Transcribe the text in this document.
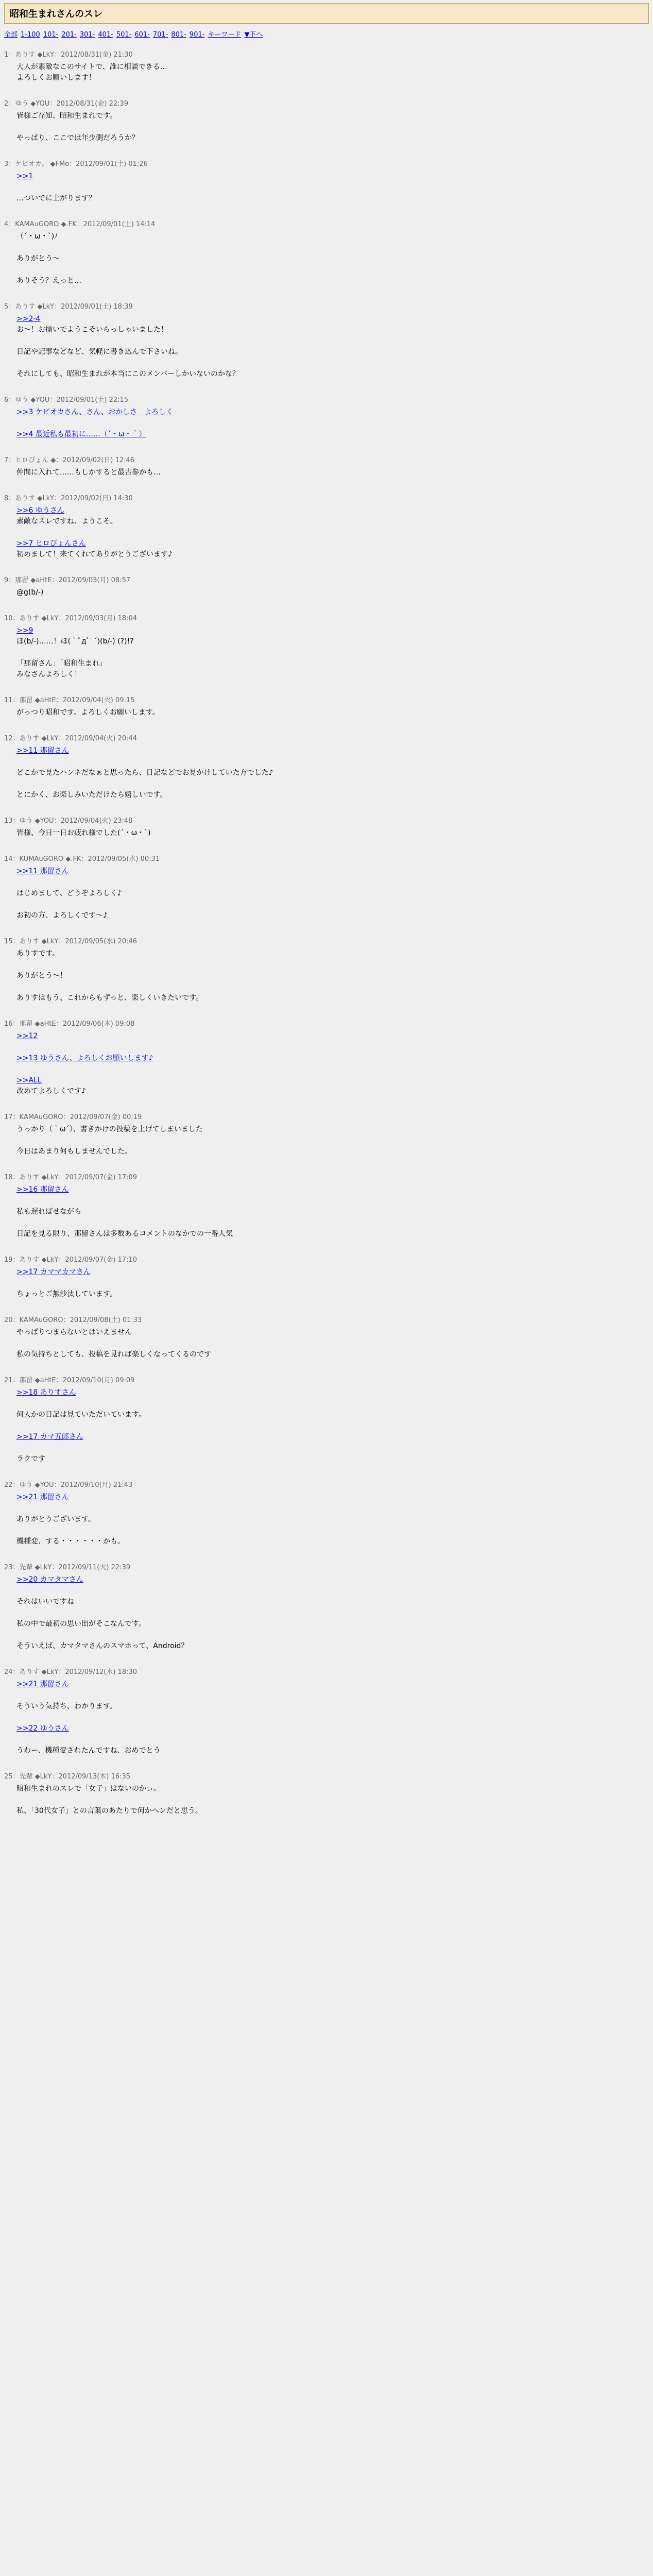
昭和生まれさんのスレ
全部 1-100 101- 201- 301- 401- 501- 601- 701- 801- 901- キーワード ▼下へ
1：ありす ◆LkY：2012/08/31(金) 21:30
大人が素敵なこのサイトで、誰に相談できる…
よろしくお願いします！
2：ゆう ◆YOU：2012/08/31(金) 22:39
皆様ご存知、昭和生まれです。
やっぱり、ここでは年少側だろうか？
3：ケビオカ。 ◆FMo：2012/09/01(土) 01:26
>>1
…ついでに上がります？
4：KAMAuGORO ◆.FK：2012/09/01(土) 14:14
（´・ω・`)ﾉ
ありがとう～
ありそう？えっと…
5：ありす ◆LkY：2012/09/01(土) 18:39
>>2-4
お～！お揃いでようこそいらっしゃいました！
日記や記事などなど、気軽に書き込んで下さいね。
それにしても、昭和生まれが本当にこのメンバーしかいないのかな？
6：ゆう ◆YOU：2012/09/01(土) 22:15
>>3 ケビオカさん、さん、おかしさ　よろしく
>>4 最近私も最初に……（´・ω・｀）
7：ヒロぴょん ◆：2012/09/02(日) 12:46
仲間に入れて……もしかすると最古参かも…
8：ありす ◆LkY：2012/09/02(日) 14:30
>>6 ゆうさん
素敵なスレですね、ようこそ。
>>7 ヒロぴょんさん
初めまして！来てくれてありがとうございます♪
9：那留 ◆aHtE：2012/09/03(月) 08:57
@g(b/-)
10：ありす ◆LkY：2012/09/03(月) 18:04
>>9
ほ(b/-)……！ほ(｀ﾟд゜´)(b/-) (?)!?
「那留さん」「昭和生まれ」
みなさんよろしく！
11：那留 ◆aHtE：2012/09/04(火) 09:15
がっつり昭和です。よろしくお願いします。
12：ありす ◆LkY：2012/09/04(火) 20:44
>>11 那留さん
どこかで見たハンネだなぁと思ったら、日記などでお見かけしていた方でした♪
とにかく、お楽しみいただけたら嬉しいです。
13：ゆう ◆YOU：2012/09/04(火) 23:48
皆様、今日一日お疲れ様でした(´・ω・`)
14：KUMAuGORO ◆.FK：2012/09/05(水) 00:31
>>11 那留さん
はじめまして、どうぞよろしく♪
お初の方、よろしくです～♪
15：ありす ◆LkY：2012/09/05(水) 20:46
ありすです。
ありがとう～！
ありすはもう、これからもずっと、楽しくいきたいです。
16：那留 ◆aHtE：2012/09/06(木) 09:08
>>12
>>13 ゆうさん、よろしくお願いします♪
>>ALL
改めてよろしくです♪
17：KAMAuGORO：2012/09/07(金) 00:19
うっかり（｀ω´）、書きかけの投稿を上げてしまいました
今日はあまり何もしませんでした。
18：ありす ◆LkY：2012/09/07(金) 17:09
>>16 那留さん
私も遅ればせながら
日記を見る限り、那留さんは多数あるコメントのなかでの一番人気
19：ありす ◆LkY：2012/09/07(金) 17:10
>>17 カママカマさん
ちょっとご無沙汰しています。
20：KAMAuGORO：2012/09/08(土) 01:33
やっぱりつまらないとはいえません
私の気持ちとしても、投稿を見れば楽しくなってくるのです
21：那留 ◆aHtE：2012/09/10(月) 09:09
>>18 ありすさん
何人かの日記は見ていただいています。
>>17 カマ五郎さん
ラクです
22：ゆう ◆YOU：2012/09/10(月) 21:43
>>21 那留さん
ありがとうございます。
機種変、する・・・・・・かも。
23：先輩 ◆LkY：2012/09/11(火) 22:39
>>20 カマタマさん
それはいいですね
私の中で最初の思い出がそこなんです。
そういえば、カマタマさんのスマホって、Android？
24：ありす ◆LkY：2012/09/12(水) 18:30
>>21 那留さん
そういう気持ち、わかります。
>>22 ゆうさん
うわー、機種変されたんですね、おめでとう
25：先輩 ◆LkY：2012/09/13(木) 16:35
昭和生まれのスレで「女子」はないのかぃ。
私、「30代女子」との言葉のあたりで何かヘンだと思う。
